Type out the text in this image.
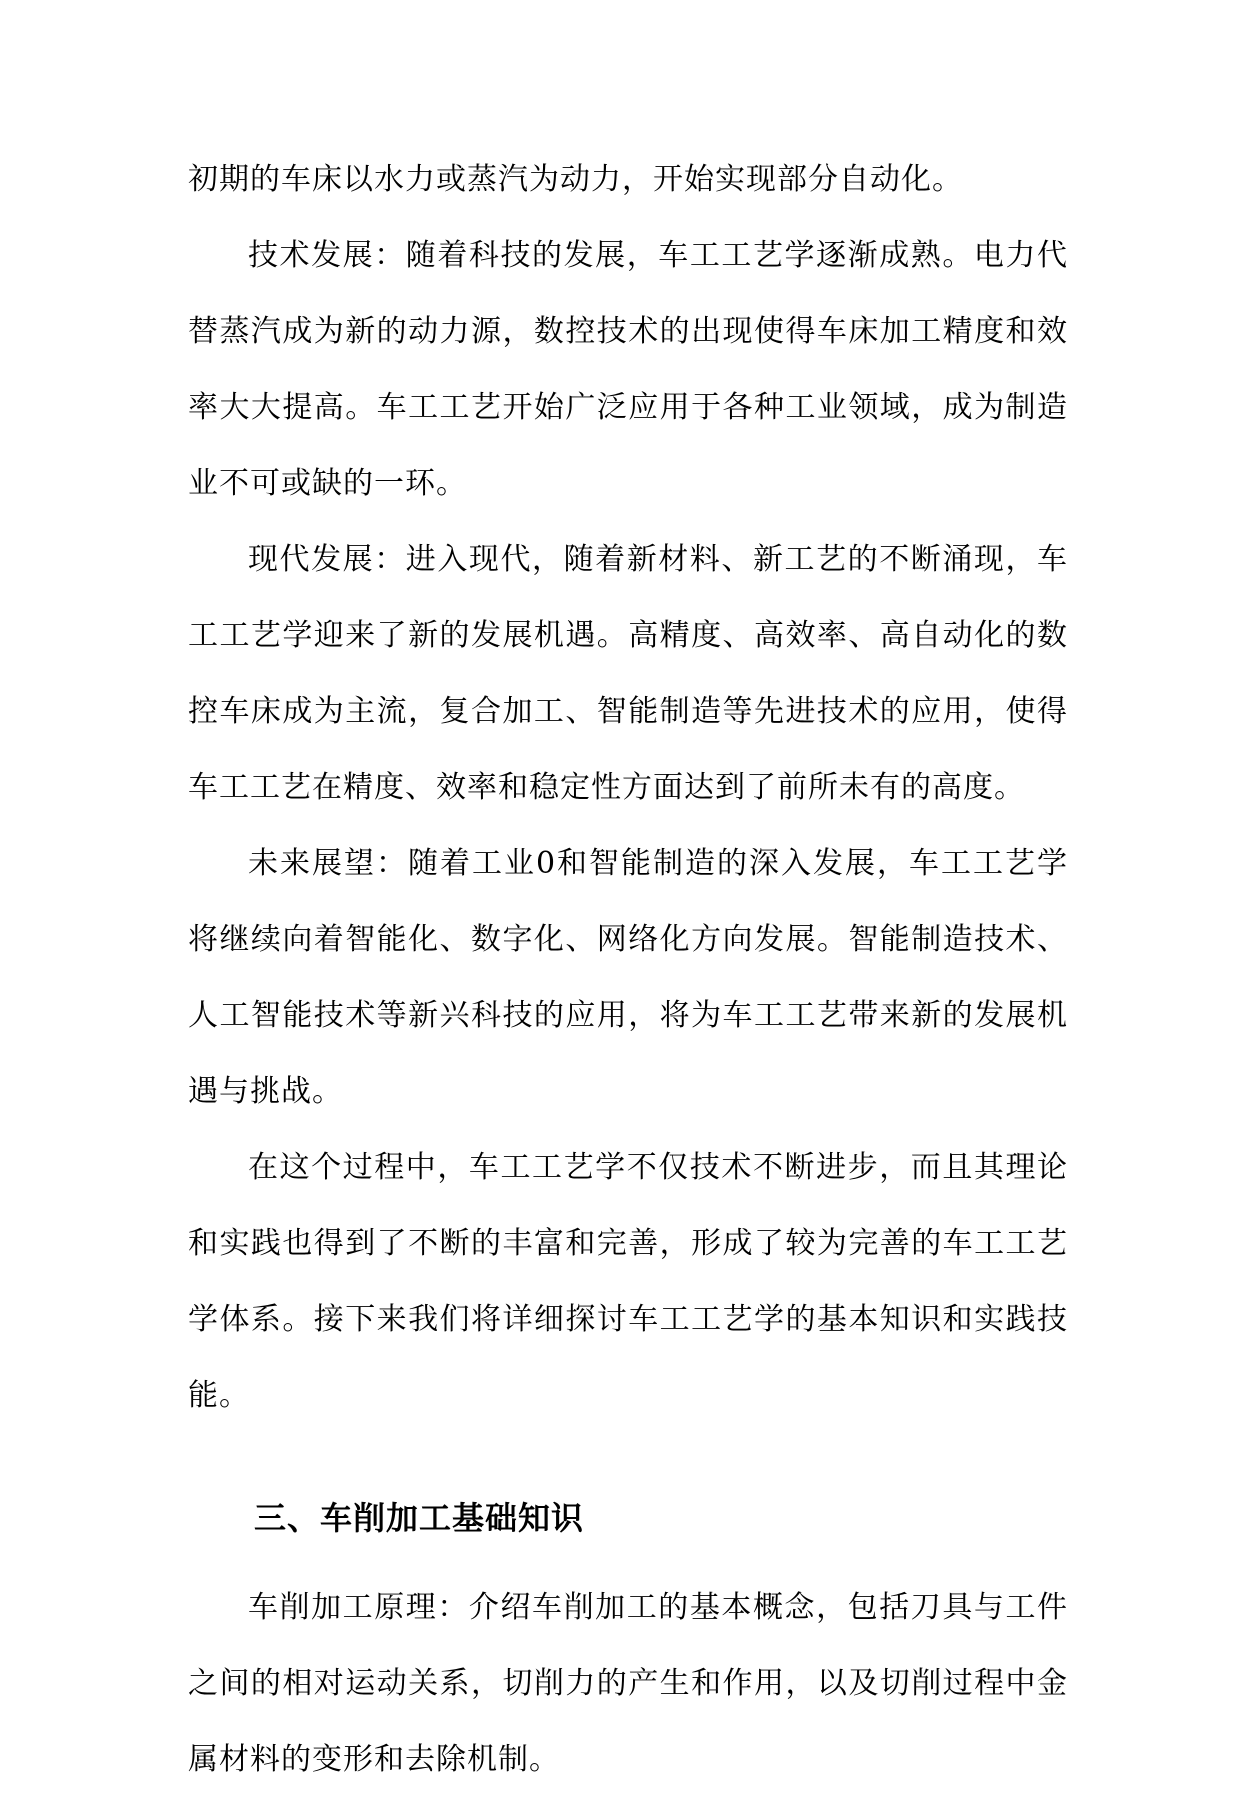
初期的车床以水力或蒸汽为动力，开始实现部分自动化。

技术发展：随着科技的发展，车工工艺学逐渐成熟。电力代替蒸汽成为新的动力源，数控技术的出现使得车床加工精度和效率大大提高。车工工艺开始广泛应用于各种工业领域，成为制造业不可或缺的一环。

现代发展：进入现代，随着新材料、新工艺的不断涌现，车工工艺学迎来了新的发展机遇。高精度、高效率、高自动化的数控车床成为主流，复合加工、智能制造等先进技术的应用，使得车工工艺在精度、效率和稳定性方面达到了前所未有的高度。

未来展望：随着工业0和智能制造的深入发展，车工工艺学将继续向着智能化、数字化、网络化方向发展。智能制造技术、人工智能技术等新兴科技的应用，将为车工工艺带来新的发展机遇与挑战。

在这个过程中，车工工艺学不仅技术不断进步，而且其理论和实践也得到了不断的丰富和完善，形成了较为完善的车工工艺学体系。接下来我们将详细探讨车工工艺学的基本知识和实践技能。

三、车削加工基础知识

车削加工原理：介绍车削加工的基本概念，包括刀具与工件之间的相对运动关系，切削力的产生和作用，以及切削过程中金属材料的变形和去除机制。
